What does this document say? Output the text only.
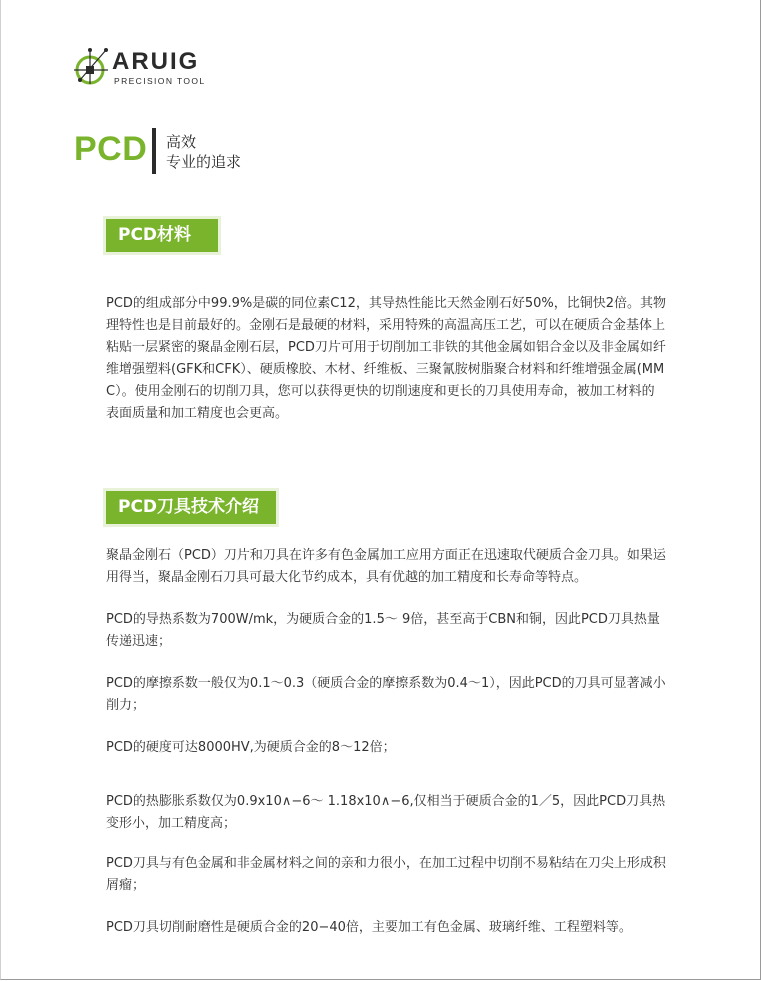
ARUIG
PRECISION TOOL
PCD 高效
专业的追求
PCD材料

PCD的组成部分中99.9%是碳的同位素C12，其导热性能比天然金刚石好50%，比铜快2倍。其物理特性也是目前最好的。金刚石是最硬的材料，采用特殊的高温高压工艺，可以在硬质合金基体上粘贴一层紧密的聚晶金刚石层，PCD刀片可用于切削加工非铁的其他金属如铝合金以及非金属如纤维增强塑料(GFK和CFK）、硬质橡胶、木材、纤维板、三聚氰胺树脂聚合材料和纤维增强金属(MMC）。使用金刚石的切削刀具，您可以获得更快的切削速度和更长的刀具使用寿命，被加工材料的表面质量和加工精度也会更高。

PCD刀具技术介绍

聚晶金刚石（PCD）刀片和刀具在许多有色金属加工应用方面正在迅速取代硬质合金刀具。如果运用得当，聚晶金刚石刀具可最大化节约成本，具有优越的加工精度和长寿命等特点。

PCD的导热系数为700W/mk，为硬质合金的1.5～ 9倍，甚至高于CBN和铜，因此PCD刀具热量传递迅速；

PCD的摩擦系数一般仅为0.1～0.3（硬质合金的摩擦系数为0.4～1），因此PCD的刀具可显著减小削力；

PCD的硬度可达8000HV,为硬质合金的8～12倍；

PCD的热膨胀系数仅为0.9x10∧−6～ 1.18x10∧−6,仅相当于硬质合金的1／5，因此PCD刀具热变形小，加工精度高；

PCD刀具与有色金属和非金属材料之间的亲和力很小，在加工过程中切削不易粘结在刀尖上形成积屑瘤；

PCD刀具切削耐磨性是硬质合金的20−40倍，主要加工有色金属、玻璃纤维、工程塑料等。
